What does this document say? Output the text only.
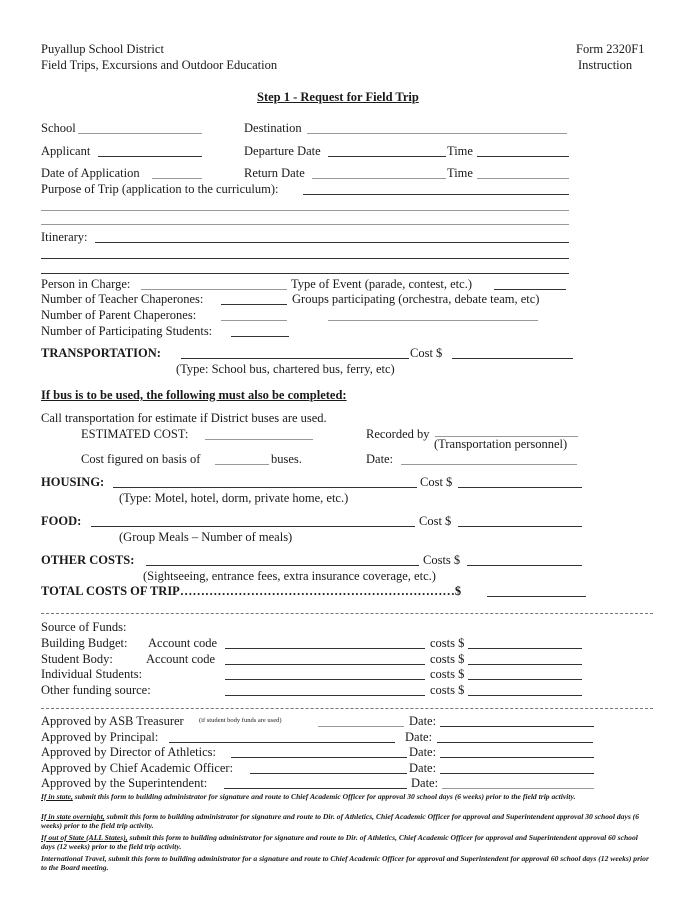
Puyallup School District
Field Trips, Excursions and Outdoor Education
Form 2320F1
Instruction
Step 1 - Request for Field Trip
School	Destination
Applicant	Departure Date	Time
Date of Application	Return Date	Time
Purpose of Trip (application to the curriculum):
Itinerary:
Person in Charge:	Type of Event (parade, contest, etc.)
Number of Teacher Chaperones:	Groups participating (orchestra, debate team, etc)
Number of Parent Chaperones:
Number of Participating Students:
TRANSPORTATION:	Cost $
(Type: School bus, chartered bus, ferry, etc)
If bus is to be used, the following must also be completed:
Call transportation for estimate if District buses are used.
ESTIMATED COST:	Recorded by
(Transportation personnel)
Cost figured on basis of	buses.	Date:
HOUSING:	Cost $
(Type: Motel, hotel, dorm, private home, etc.)
FOOD:	Cost $
(Group Meals – Number of meals)
OTHER COSTS:	Costs $
(Sightseeing, entrance fees, extra insurance coverage, etc.)
TOTAL COSTS OF TRIP…………………………………………………………$
Source of Funds:
Building Budget: Account code	costs $
Student Body:	Account code	costs $
Individual Students:	costs $
Other funding source:	costs $
Approved by ASB Treasurer (if student body funds are used)	Date:
Approved by Principal:	Date:
Approved by Director of Athletics:	Date:
Approved by Chief Academic Officer:	Date:
Approved by the Superintendent:	Date:
If in state, submit this form to building administrator for signature and route to Chief Academic Officer for approval 30 school days (6 weeks) prior to the field trip activity.
If in state overnight, submit this form to building administrator for signature and route to Dir. of Athletics, Chief Academic Officer for approval and Superintendent approval 30 school days (6 weeks) prior to the field trip activity.
If out of State (ALL States), submit this form to building administrator for signature and route to Dir. of Athletics, Chief Academic Officer for approval and Superintendent approval 60 school days (12 weeks) prior to the field trip activity.
International Travel, submit this form to building administrator for a signature and route to Chief Academic Officer for approval and Superintendent for approval 60 school days (12 weeks) prior to the Board meeting.
